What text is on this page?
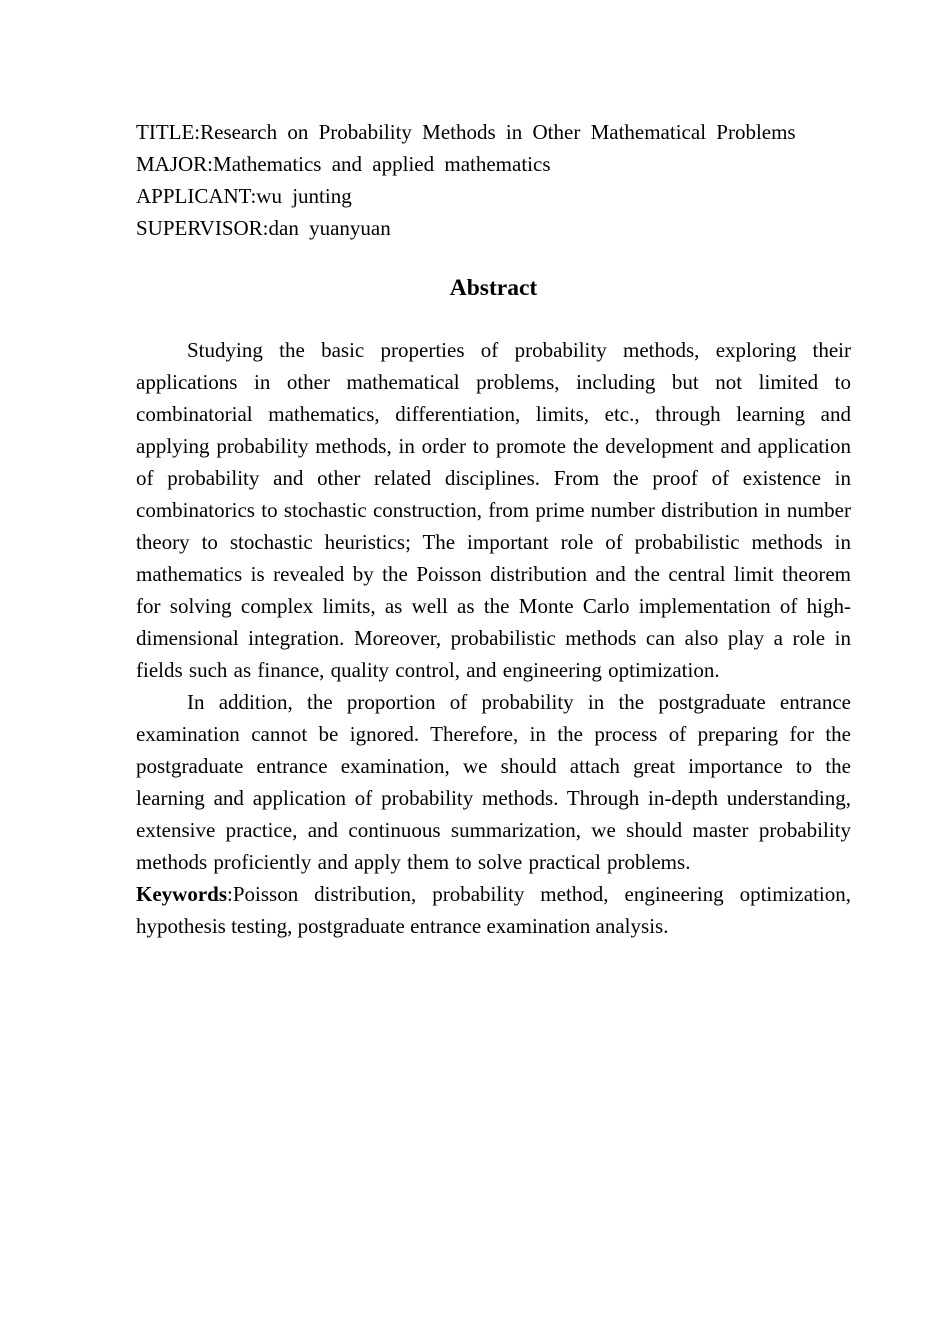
TITLE:Research on Probability Methods in Other Mathematical Problems
MAJOR:Mathematics and applied mathematics
APPLICANT:wu junting
SUPERVISOR:dan yuanyuan
Abstract

Studying the basic properties of probability methods, exploring their applications in other mathematical problems, including but not limited to combinatorial mathematics, differentiation, limits, etc., through learning and applying probability methods, in order to promote the development and application of probability and other related disciplines. From the proof of existence in combinatorics to stochastic construction, from prime number distribution in number theory to stochastic heuristics; The important role of probabilistic methods in mathematics is revealed by the Poisson distribution and the central limit theorem for solving complex limits, as well as the Monte Carlo implementation of high-dimensional integration. Moreover, probabilistic methods can also play a role in fields such as finance, quality control, and engineering optimization.

In addition, the proportion of probability in the postgraduate entrance examination cannot be ignored. Therefore, in the process of preparing for the postgraduate entrance examination, we should attach great importance to the learning and application of probability methods. Through in-depth understanding, extensive practice, and continuous summarization, we should master probability methods proficiently and apply them to solve practical problems.

Keywords:Poisson distribution, probability method, engineering optimization, hypothesis testing, postgraduate entrance examination analysis.
